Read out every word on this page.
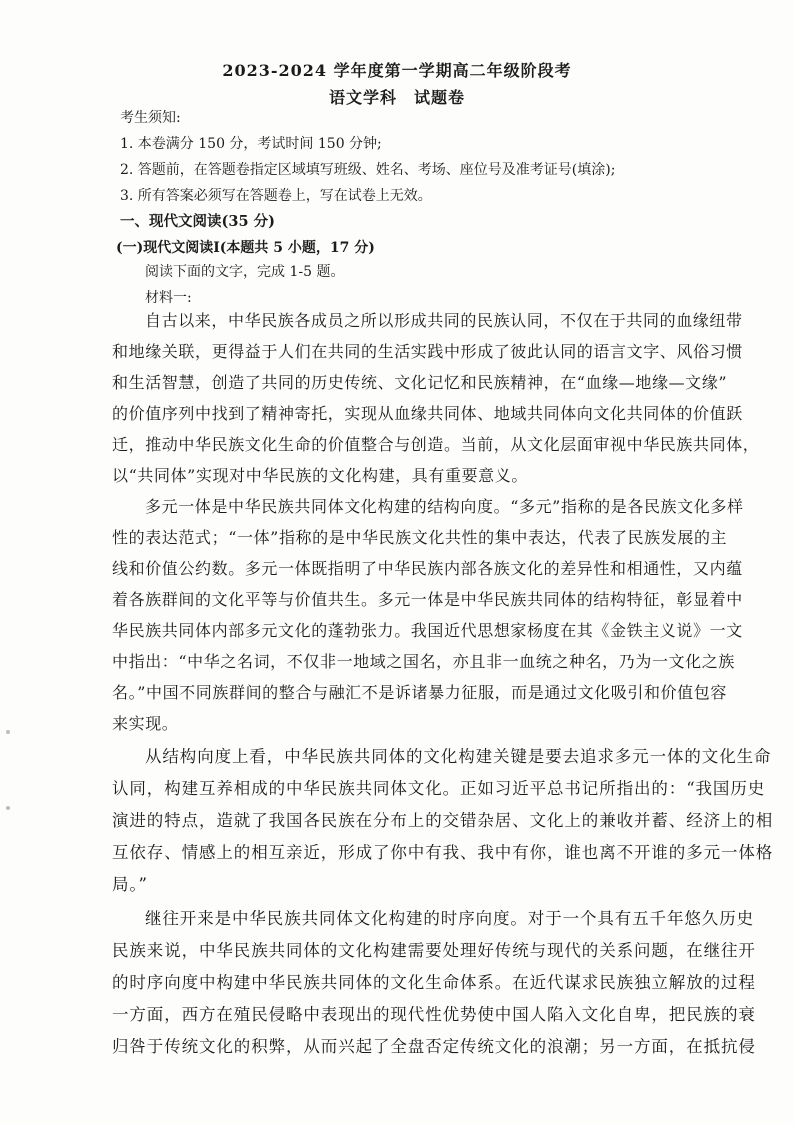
2023-2024 学年度第一学期高二年级阶段考
语文学科　试题卷
考生须知:
1. 本卷满分 150 分，考试时间 150 分钟;
2. 答题前，在答题卷指定区域填写班级、姓名、考场、座位号及准考证号(填涂);
3. 所有答案必须写在答题卷上，写在试卷上无效。
一、现代文阅读(35 分)
(一)现代文阅读Ⅰ(本题共 5 小题，17 分)
阅读下面的文字，完成 1-5 题。
材料一:
自古以来，中华民族各成员之所以形成共同的民族认同，不仅在于共同的血缘纽带
和地缘关联，更得益于人们在共同的生活实践中形成了彼此认同的语言文字、风俗习惯
和生活智慧，创造了共同的历史传统、文化记忆和民族精神，在“血缘—地缘—文缘”
的价值序列中找到了精神寄托，实现从血缘共同体、地域共同体向文化共同体的价值跃
迁，推动中华民族文化生命的价值整合与创造。当前，从文化层面审视中华民族共同体，
以“共同体”实现对中华民族的文化构建，具有重要意义。
多元一体是中华民族共同体文化构建的结构向度。“多元”指称的是各民族文化多样
性的表达范式；“一体”指称的是中华民族文化共性的集中表达，代表了民族发展的主
线和价值公约数。多元一体既指明了中华民族内部各族文化的差异性和相通性，又内蕴
着各族群间的文化平等与价值共生。多元一体是中华民族共同体的结构特征，彰显着中
华民族共同体内部多元文化的蓬勃张力。我国近代思想家杨度在其《金铁主义说》一文
中指出：“中华之名词，不仅非一地域之国名，亦且非一血统之种名，乃为一文化之族
名。”中国不同族群间的整合与融汇不是诉诸暴力征服，而是通过文化吸引和价值包容
来实现。
从结构向度上看，中华民族共同体的文化构建关键是要去追求多元一体的文化生命
认同，构建互养相成的中华民族共同体文化。正如习近平总书记所指出的：“我国历史
演进的特点，造就了我国各民族在分布上的交错杂居、文化上的兼收并蓄、经济上的相
互依存、情感上的相互亲近，形成了你中有我、我中有你，谁也离不开谁的多元一体格
局。”
继往开来是中华民族共同体文化构建的时序向度。对于一个具有五千年悠久历史
民族来说，中华民族共同体的文化构建需要处理好传统与现代的关系问题，在继往开
的时序向度中构建中华民族共同体的文化生命体系。在近代谋求民族独立解放的过程
一方面，西方在殖民侵略中表现出的现代性优势使中国人陷入文化自卑，把民族的衰
归咎于传统文化的积弊，从而兴起了全盘否定传统文化的浪潮；另一方面，在抵抗侵
